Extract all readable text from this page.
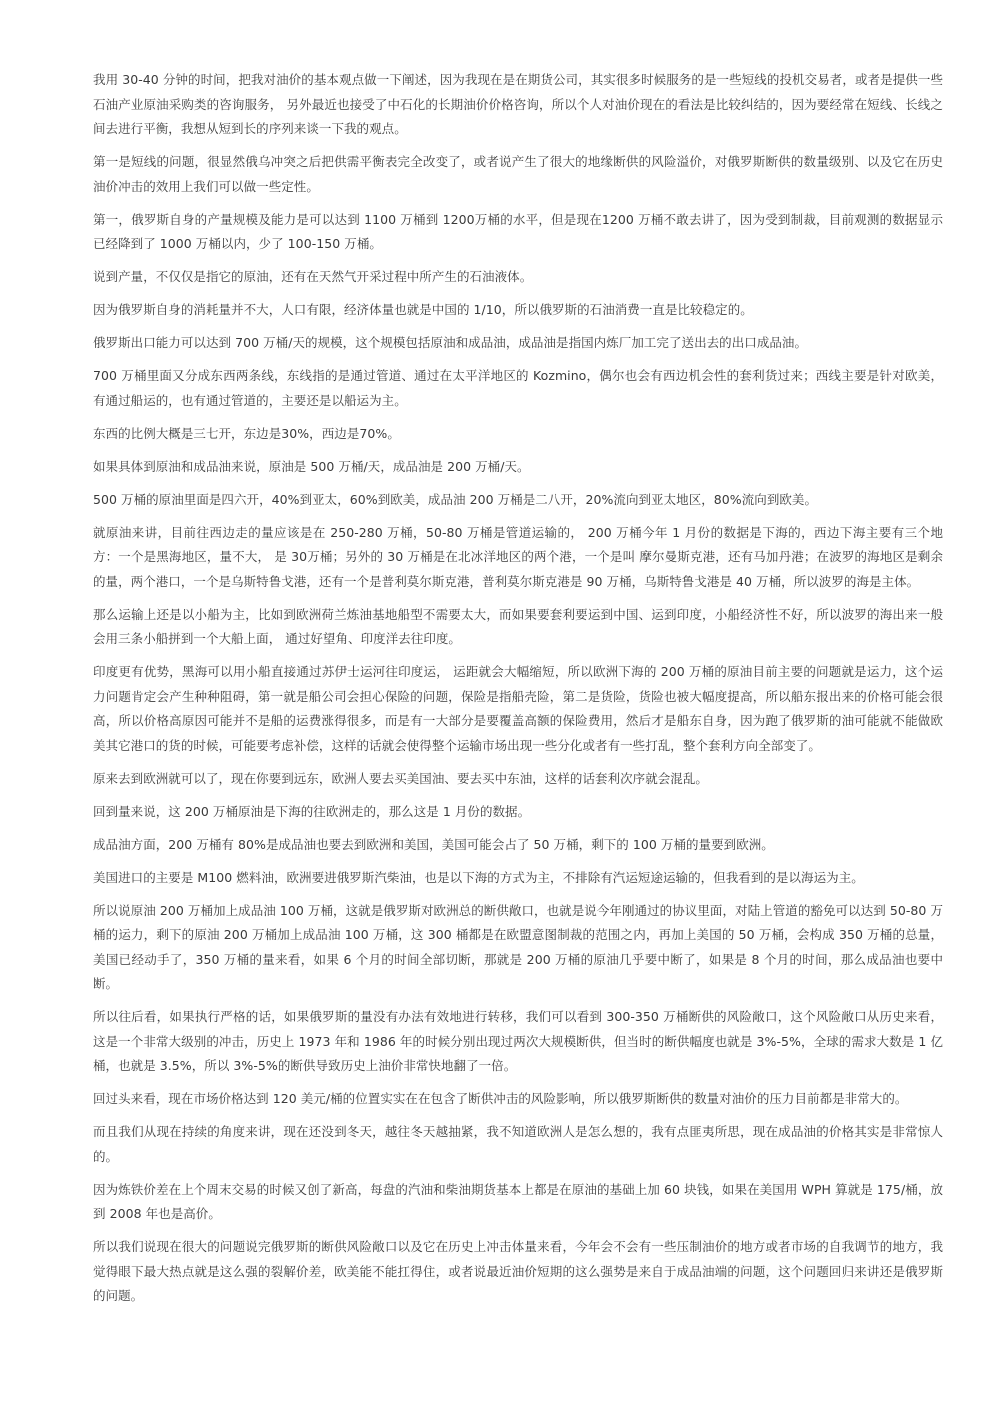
我用 30-40 分钟的时间，把我对油价的基本观点做一下阐述，因为我现在是在期货公司，其实很多时候服务的是一些短线的投机交易者，或者是提供一些石油产业原油采购类的咨询服务， 另外最近也接受了中石化的长期油价价格咨询，所以个人对油价现在的看法是比较纠结的，因为要经常在短线、长线之间去进行平衡，我想从短到长的序列来谈一下我的观点。

第一是短线的问题，很显然俄乌冲突之后把供需平衡表完全改变了，或者说产生了很大的地缘断供的风险溢价，对俄罗斯断供的数量级别、以及它在历史油价冲击的效用上我们可以做一些定性。

第一，俄罗斯自身的产量规模及能力是可以达到 1100 万桶到 1200万桶的水平，但是现在1200 万桶不敢去讲了，因为受到制裁，目前观测的数据显示已经降到了 1000 万桶以内，少了 100-150 万桶。

说到产量，不仅仅是指它的原油，还有在天然气开采过程中所产生的石油液体。

因为俄罗斯自身的消耗量并不大，人口有限，经济体量也就是中国的 1/10，所以俄罗斯的石油消费一直是比较稳定的。

俄罗斯出口能力可以达到 700 万桶/天的规模，这个规模包括原油和成品油，成品油是指国内炼厂加工完了送出去的出口成品油。

700 万桶里面又分成东西两条线，东线指的是通过管道、通过在太平洋地区的 Kozmino，偶尔也会有西边机会性的套利货过来；西线主要是针对欧美，有通过船运的，也有通过管道的，主要还是以船运为主。

东西的比例大概是三七开，东边是30%，西边是70%。

如果具体到原油和成品油来说，原油是 500 万桶/天，成品油是 200 万桶/天。

500 万桶的原油里面是四六开，40%到亚太，60%到欧美，成品油 200 万桶是二八开，20%流向到亚太地区，80%流向到欧美。

就原油来讲，目前往西边走的量应该是在 250-280 万桶，50-80 万桶是管道运输的， 200 万桶今年 1 月份的数据是下海的，西边下海主要有三个地方：一个是黑海地区，量不大， 是 30万桶；另外的 30 万桶是在北冰洋地区的两个港，一个是叫 摩尔曼斯克港，还有马加丹港；在波罗的海地区是剩余的量，两个港口，一个是乌斯特鲁戈港，还有一个是普利莫尔斯克港，普利莫尔斯克港是 90 万桶，乌斯特鲁戈港是 40 万桶，所以波罗的海是主体。

那么运输上还是以小船为主，比如到欧洲荷兰炼油基地船型不需要太大，而如果要套利要运到中国、运到印度，小船经济性不好，所以波罗的海出来一般会用三条小船拼到一个大船上面， 通过好望角、印度洋去往印度。

印度更有优势，黑海可以用小船直接通过苏伊士运河往印度运， 运距就会大幅缩短，所以欧洲下海的 200 万桶的原油目前主要的问题就是运力，这个运力问题肯定会产生种种阻碍，第一就是船公司会担心保险的问题，保险是指船壳险，第二是货险，货险也被大幅度提高，所以船东报出来的价格可能会很高，所以价格高原因可能并不是船的运费涨得很多，而是有一大部分是要覆盖高额的保险费用，然后才是船东自身，因为跑了俄罗斯的油可能就不能做欧美其它港口的货的时候，可能要考虑补偿，这样的话就会使得整个运输市场出现一些分化或者有一些打乱，整个套利方向全部变了。

原来去到欧洲就可以了，现在你要到远东，欧洲人要去买美国油、要去买中东油，这样的话套利次序就会混乱。

回到量来说，这 200 万桶原油是下海的往欧洲走的，那么这是 1 月份的数据。

成品油方面，200 万桶有 80%是成品油也要去到欧洲和美国，美国可能会占了 50 万桶，剩下的 100 万桶的量要到欧洲。

美国进口的主要是 M100 燃料油，欧洲要进俄罗斯汽柴油，也是以下海的方式为主，不排除有汽运短途运输的，但我看到的是以海运为主。

所以说原油 200 万桶加上成品油 100 万桶，这就是俄罗斯对欧洲总的断供敞口，也就是说今年刚通过的协议里面，对陆上管道的豁免可以达到 50-80 万桶的运力，剩下的原油 200 万桶加上成品油 100 万桶，这 300 桶都是在欧盟意图制裁的范围之内，再加上美国的 50 万桶，会构成 350 万桶的总量，美国已经动手了，350 万桶的量来看，如果 6 个月的时间全部切断，那就是 200 万桶的原油几乎要中断了，如果是 8 个月的时间，那么成品油也要中断。

所以往后看，如果执行严格的话，如果俄罗斯的量没有办法有效地进行转移，我们可以看到 300-350 万桶断供的风险敞口，这个风险敞口从历史来看，这是一个非常大级别的冲击，历史上 1973 年和 1986 年的时候分别出现过两次大规模断供，但当时的断供幅度也就是 3%-5%，全球的需求大数是 1 亿桶，也就是 3.5%，所以 3%-5%的断供导致历史上油价非常快地翻了一倍。

回过头来看，现在市场价格达到 120 美元/桶的位置实实在在包含了断供冲击的风险影响，所以俄罗斯断供的数量对油价的压力目前都是非常大的。

而且我们从现在持续的角度来讲，现在还没到冬天，越往冬天越抽紧，我不知道欧洲人是怎么想的，我有点匪夷所思，现在成品油的价格其实是非常惊人的。

因为炼铁价差在上个周末交易的时候又创了新高，每盘的汽油和柴油期货基本上都是在原油的基础上加 60 块钱，如果在美国用 WPH 算就是 175/桶，放到 2008 年也是高价。

所以我们说现在很大的问题说完俄罗斯的断供风险敞口以及它在历史上冲击体量来看，今年会不会有一些压制油价的地方或者市场的自我调节的地方，我觉得眼下最大热点就是这么强的裂解价差，欧美能不能扛得住，或者说最近油价短期的这么强势是来自于成品油端的问题，这个问题回归来讲还是俄罗斯的问题。
